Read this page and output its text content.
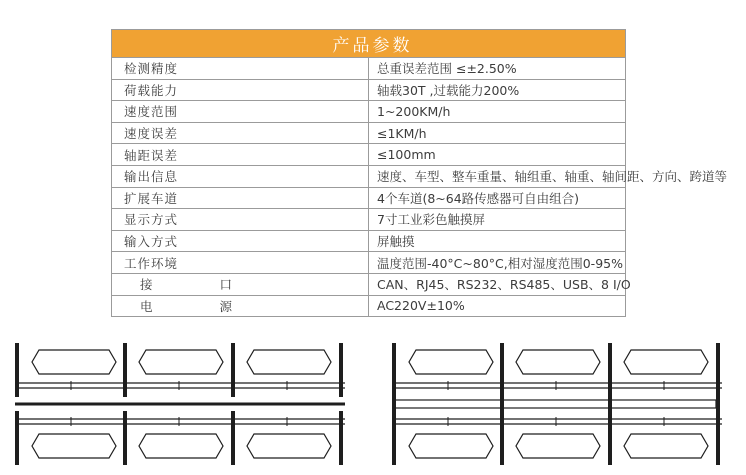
产品参数	
检测精度	总重误差范围 ≤±2.50%
荷载能力	轴载30T ,过载能力200%
速度范围	1~200KM/h
速度误差	≤1KM/h
轴距误差	≤100mm
输出信息	速度、车型、整车重量、轴组重、轴重、轴间距、方向、跨道等
扩展车道	4个车道(8~64路传感器可自由组合)
显示方式	7寸工业彩色触摸屏
输入方式	屏触摸
工作环境	温度范围-40°C~80°C,相对湿度范围0-95%
接　　口	CAN、RJ45、RS232、RS485、USB、8 I/O
电　　源	AC220V±10%
